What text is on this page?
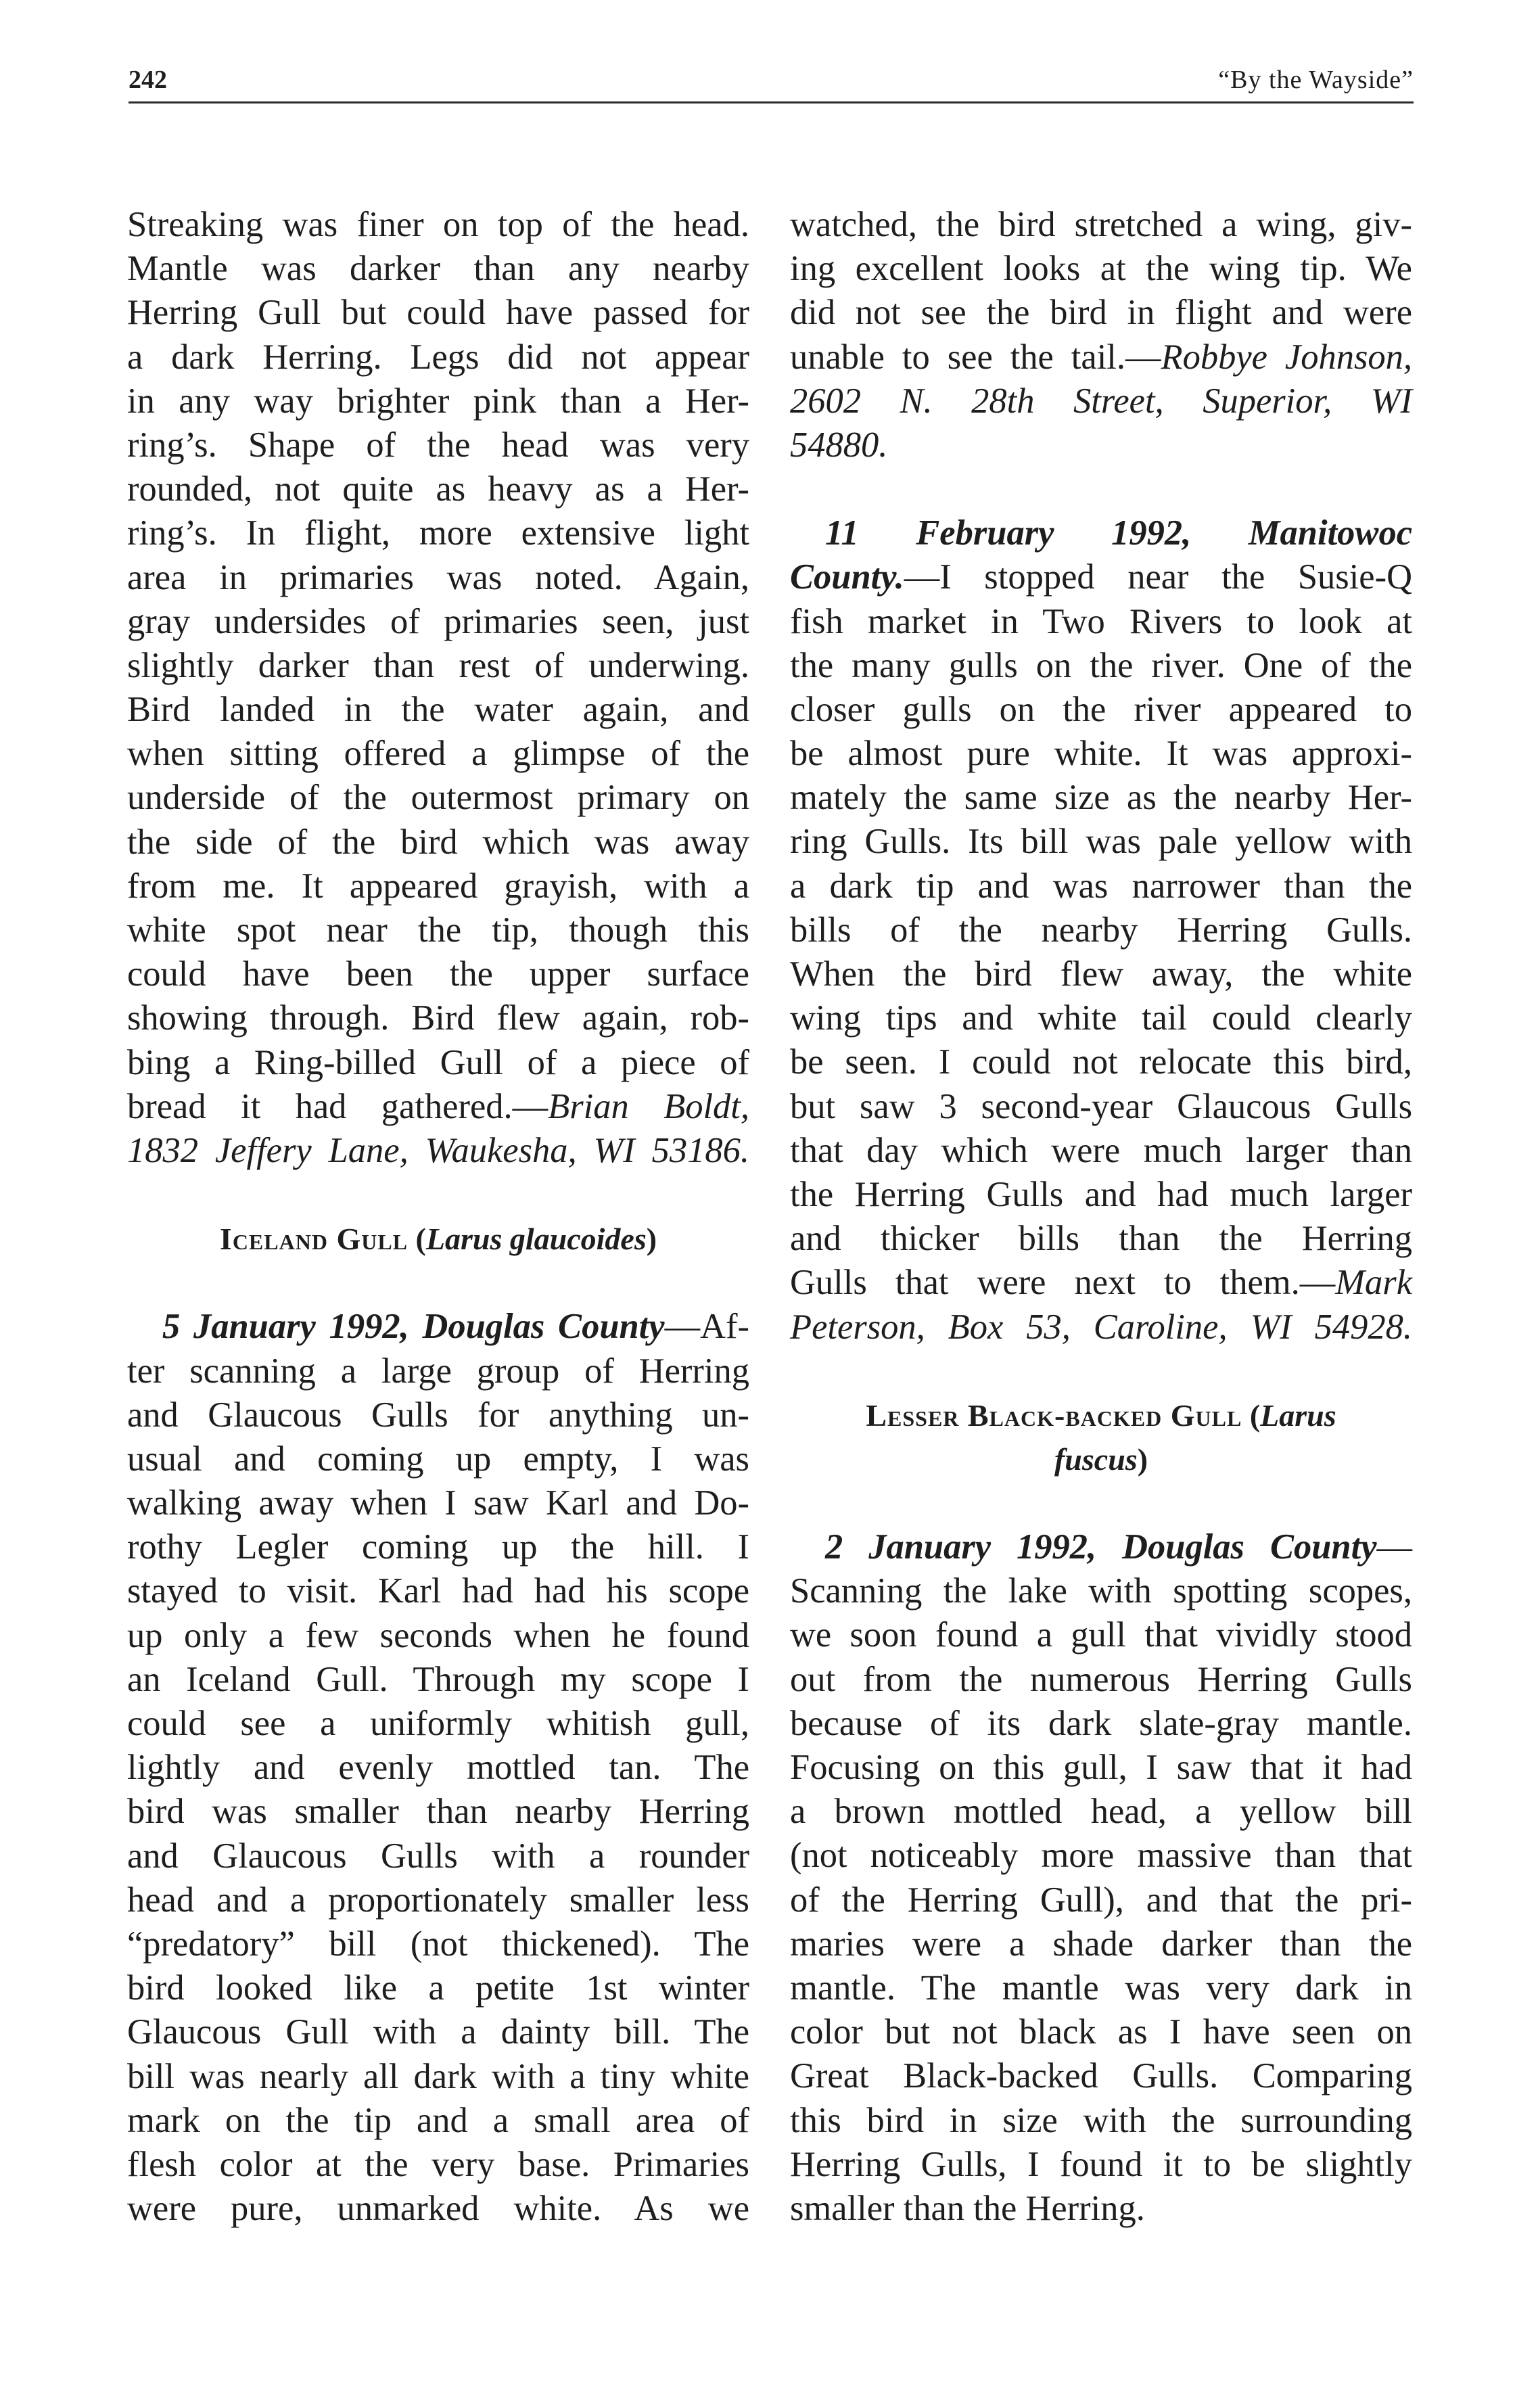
242	“By the Wayside”
Streaking was finer on top of the head.
Mantle was darker than any nearby
Herring Gull but could have passed for
a dark Herring. Legs did not appear
in any way brighter pink than a Her-
ring’s. Shape of the head was very
rounded, not quite as heavy as a Her-
ring’s. In flight, more extensive light
area in primaries was noted. Again,
gray undersides of primaries seen, just
slightly darker than rest of underwing.
Bird landed in the water again, and
when sitting offered a glimpse of the
underside of the outermost primary on
the side of the bird which was away
from me. It appeared grayish, with a
white spot near the tip, though this
could have been the upper surface
showing through. Bird flew again, rob-
bing a Ring-billed Gull of a piece of
bread it had gathered.—Brian Boldt,
1832 Jeffery Lane, Waukesha, WI 53186.
Iceland Gull (Larus glaucoides)
5 January 1992, Douglas County—Af-
ter scanning a large group of Herring
and Glaucous Gulls for anything un-
usual and coming up empty, I was
walking away when I saw Karl and Do-
rothy Legler coming up the hill. I
stayed to visit. Karl had had his scope
up only a few seconds when he found
an Iceland Gull. Through my scope I
could see a uniformly whitish gull,
lightly and evenly mottled tan. The
bird was smaller than nearby Herring
and Glaucous Gulls with a rounder
head and a proportionately smaller less
“predatory” bill (not thickened). The
bird looked like a petite 1st winter
Glaucous Gull with a dainty bill. The
bill was nearly all dark with a tiny white
mark on the tip and a small area of
flesh color at the very base. Primaries
were pure, unmarked white. As we
watched, the bird stretched a wing, giv-
ing excellent looks at the wing tip. We
did not see the bird in flight and were
unable to see the tail.—Robbye Johnson,
2602 N. 28th Street, Superior, WI
54880.
11 February 1992, Manitowoc
County.—I stopped near the Susie-Q
fish market in Two Rivers to look at
the many gulls on the river. One of the
closer gulls on the river appeared to
be almost pure white. It was approxi-
mately the same size as the nearby Her-
ring Gulls. Its bill was pale yellow with
a dark tip and was narrower than the
bills of the nearby Herring Gulls.
When the bird flew away, the white
wing tips and white tail could clearly
be seen. I could not relocate this bird,
but saw 3 second-year Glaucous Gulls
that day which were much larger than
the Herring Gulls and had much larger
and thicker bills than the Herring
Gulls that were next to them.—Mark
Peterson, Box 53, Caroline, WI 54928.
Lesser Black-backed Gull (Larus
fuscus)
2 January 1992, Douglas County—
Scanning the lake with spotting scopes,
we soon found a gull that vividly stood
out from the numerous Herring Gulls
because of its dark slate-gray mantle.
Focusing on this gull, I saw that it had
a brown mottled head, a yellow bill
(not noticeably more massive than that
of the Herring Gull), and that the pri-
maries were a shade darker than the
mantle. The mantle was very dark in
color but not black as I have seen on
Great Black-backed Gulls. Comparing
this bird in size with the surrounding
Herring Gulls, I found it to be slightly
smaller than the Herring.
